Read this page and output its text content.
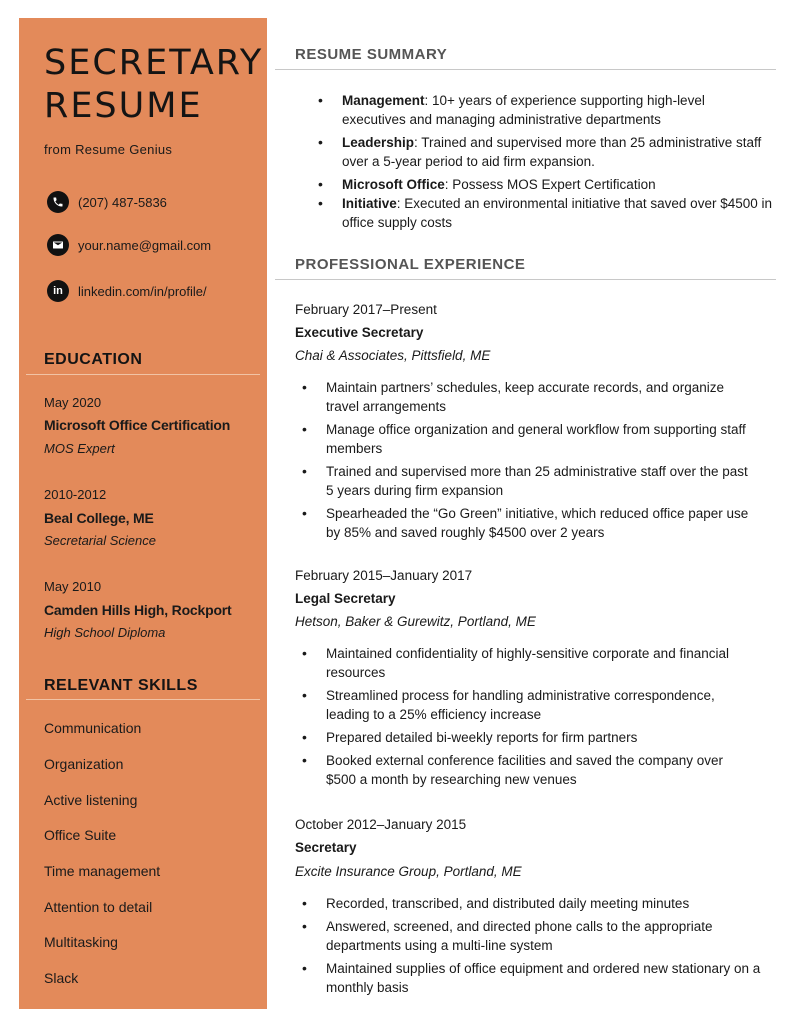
SECRETARY
RESUME
from Resume Genius
(207) 487-5836
your.name@gmail.com
in	linkedin.com/in/profile/
EDUCATION
May 2020
Microsoft Office Certification
MOS Expert
2010-2012
Beal College, ME
Secretarial Science
May 2010
Camden Hills High, Rockport
High School Diploma
RELEVANT SKILLS
Communication
Organization
Active listening
Office Suite
Time management
Attention to detail
Multitasking
Slack
RESUME SUMMARY
• Management: 10+ years of experience supporting high-level executives and managing administrative departments
• Leadership: Trained and supervised more than 25 administrative staff over a 5-year period to aid firm expansion.
• Microsoft Office: Possess MOS Expert Certification
• Initiative: Executed an environmental initiative that saved over $4500 in office supply costs
PROFESSIONAL EXPERIENCE
February 2017–Present
Executive Secretary
Chai & Associates, Pittsfield, ME
• Maintain partners’ schedules, keep accurate records, and organize travel arrangements
• Manage office organization and general workflow from supporting staff members
• Trained and supervised more than 25 administrative staff over the past 5 years during firm expansion
• Spearheaded the “Go Green” initiative, which reduced office paper use by 85% and saved roughly $4500 over 2 years
February 2015–January 2017
Legal Secretary
Hetson, Baker & Gurewitz, Portland, ME
• Maintained confidentiality of highly-sensitive corporate and financial resources
• Streamlined process for handling administrative correspondence, leading to a 25% efficiency increase
• Prepared detailed bi-weekly reports for firm partners
• Booked external conference facilities and saved the company over $500 a month by researching new venues
October 2012–January 2015
Secretary
Excite Insurance Group, Portland, ME
• Recorded, transcribed, and distributed daily meeting minutes
• Answered, screened, and directed phone calls to the appropriate departments using a multi-line system
• Maintained supplies of office equipment and ordered new stationary on a monthly basis
